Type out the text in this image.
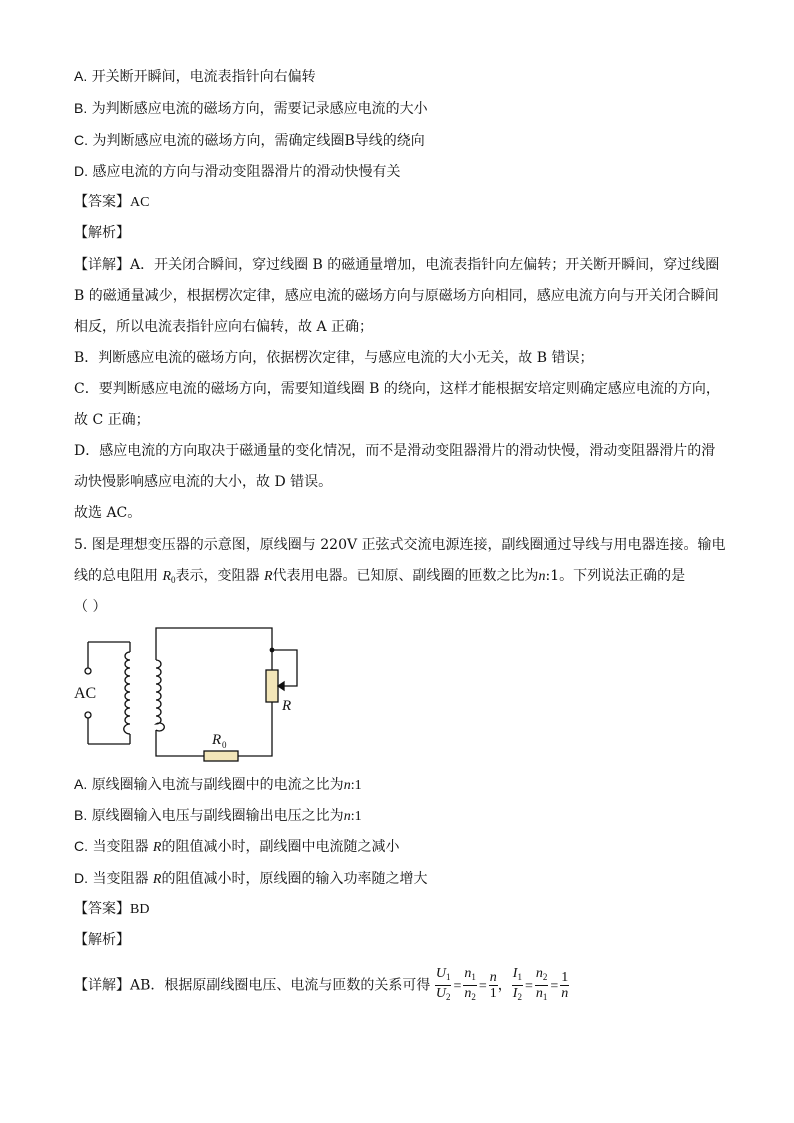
A. 开关断开瞬间，电流表指针向右偏转
B. 为判断感应电流的磁场方向，需要记录感应电流的大小
C. 为判断感应电流的磁场方向，需确定线圈B导线的绕向
D. 感应电流的方向与滑动变阻器滑片的滑动快慢有关
【答案】AC
【解析】
【详解】A．开关闭合瞬间，穿过线圈 B 的磁通量增加，电流表指针向左偏转；开关断开瞬间，穿过线圈
B 的磁通量减少，根据楞次定律，感应电流的磁场方向与原磁场方向相同，感应电流方向与开关闭合瞬间
相反，所以电流表指针应向右偏转，故 A 正确；
B．判断感应电流的磁场方向，依据楞次定律，与感应电流的大小无关，故 B 错误；
C．要判断感应电流的磁场方向，需要知道线圈 B 的绕向，这样才能根据安培定则确定感应电流的方向，
故 C 正确；
D．感应电流的方向取决于磁通量的变化情况，而不是滑动变阻器滑片的滑动快慢，滑动变阻器滑片的滑
动快慢影响感应电流的大小，故 D 错误。
故选 AC。
5. 图是理想变压器的示意图，原线圈与 220V 正弦式交流电源连接，副线圈通过导线与用电器连接。输电
线的总电阻用 $R_0$表示，变阻器 R代表用电器。已知原、副线圈的匝数之比为n:1。下列说法正确的是
（ ）
AC
R
R 0
A. 原线圈输入电流与副线圈中的电流之比为n:1
B. 原线圈输入电压与副线圈输出电压之比为n:1
C. 当变阻器 R的阻值减小时，副线圈中电流随之减小
D. 当变阻器 R的阻值减小时，原线圈的输入功率随之增大
【答案】BD
【解析】
【详解】AB．根据原副线圈电压、电流与匝数的关系可得 $\frac{U_1}{U_2} = \frac{n_1}{n_2} = \frac{n}{1}$ ， $\frac{I_1}{I_2} = \frac{n_2}{n_1} = \frac{1}{n}$
